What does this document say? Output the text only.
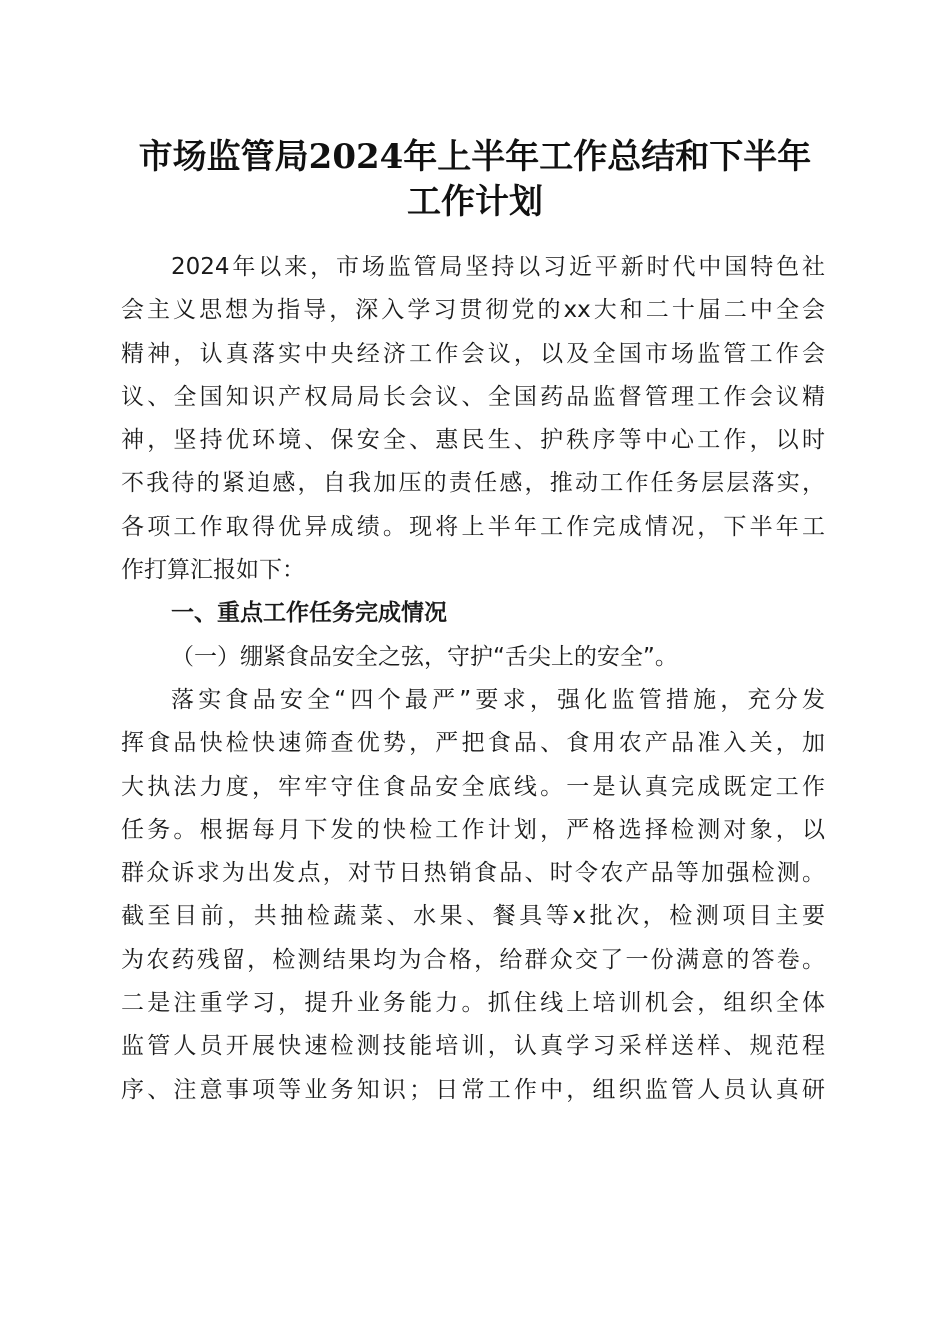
市场监管局2024年上半年工作总结和下半年
工作计划
2024年以来，市场监管局坚持以习近平新时代中国特色社
会主义思想为指导，深入学习贯彻党的xx大和二十届二中全会
精神，认真落实中央经济工作会议，以及全国市场监管工作会
议、全国知识产权局局长会议、全国药品监督管理工作会议精
神，坚持优环境、保安全、惠民生、护秩序等中心工作，以时
不我待的紧迫感，自我加压的责任感，推动工作任务层层落实，
各项工作取得优异成绩。现将上半年工作完成情况，下半年工
作打算汇报如下：
一、重点工作任务完成情况
（一）绷紧食品安全之弦，守护“舌尖上的安全”。
落实食品安全“四个最严”要求，强化监管措施，充分发
挥食品快检快速筛查优势，严把食品、食用农产品准入关，加
大执法力度，牢牢守住食品安全底线。一是认真完成既定工作
任务。根据每月下发的快检工作计划，严格选择检测对象，以
群众诉求为出发点，对节日热销食品、时令农产品等加强检测。
截至目前，共抽检蔬菜、水果、餐具等x批次，检测项目主要
为农药残留，检测结果均为合格，给群众交了一份满意的答卷。
二是注重学习，提升业务能力。抓住线上培训机会，组织全体
监管人员开展快速检测技能培训，认真学习采样送样、规范程
序、注意事项等业务知识；日常工作中，组织监管人员认真研
